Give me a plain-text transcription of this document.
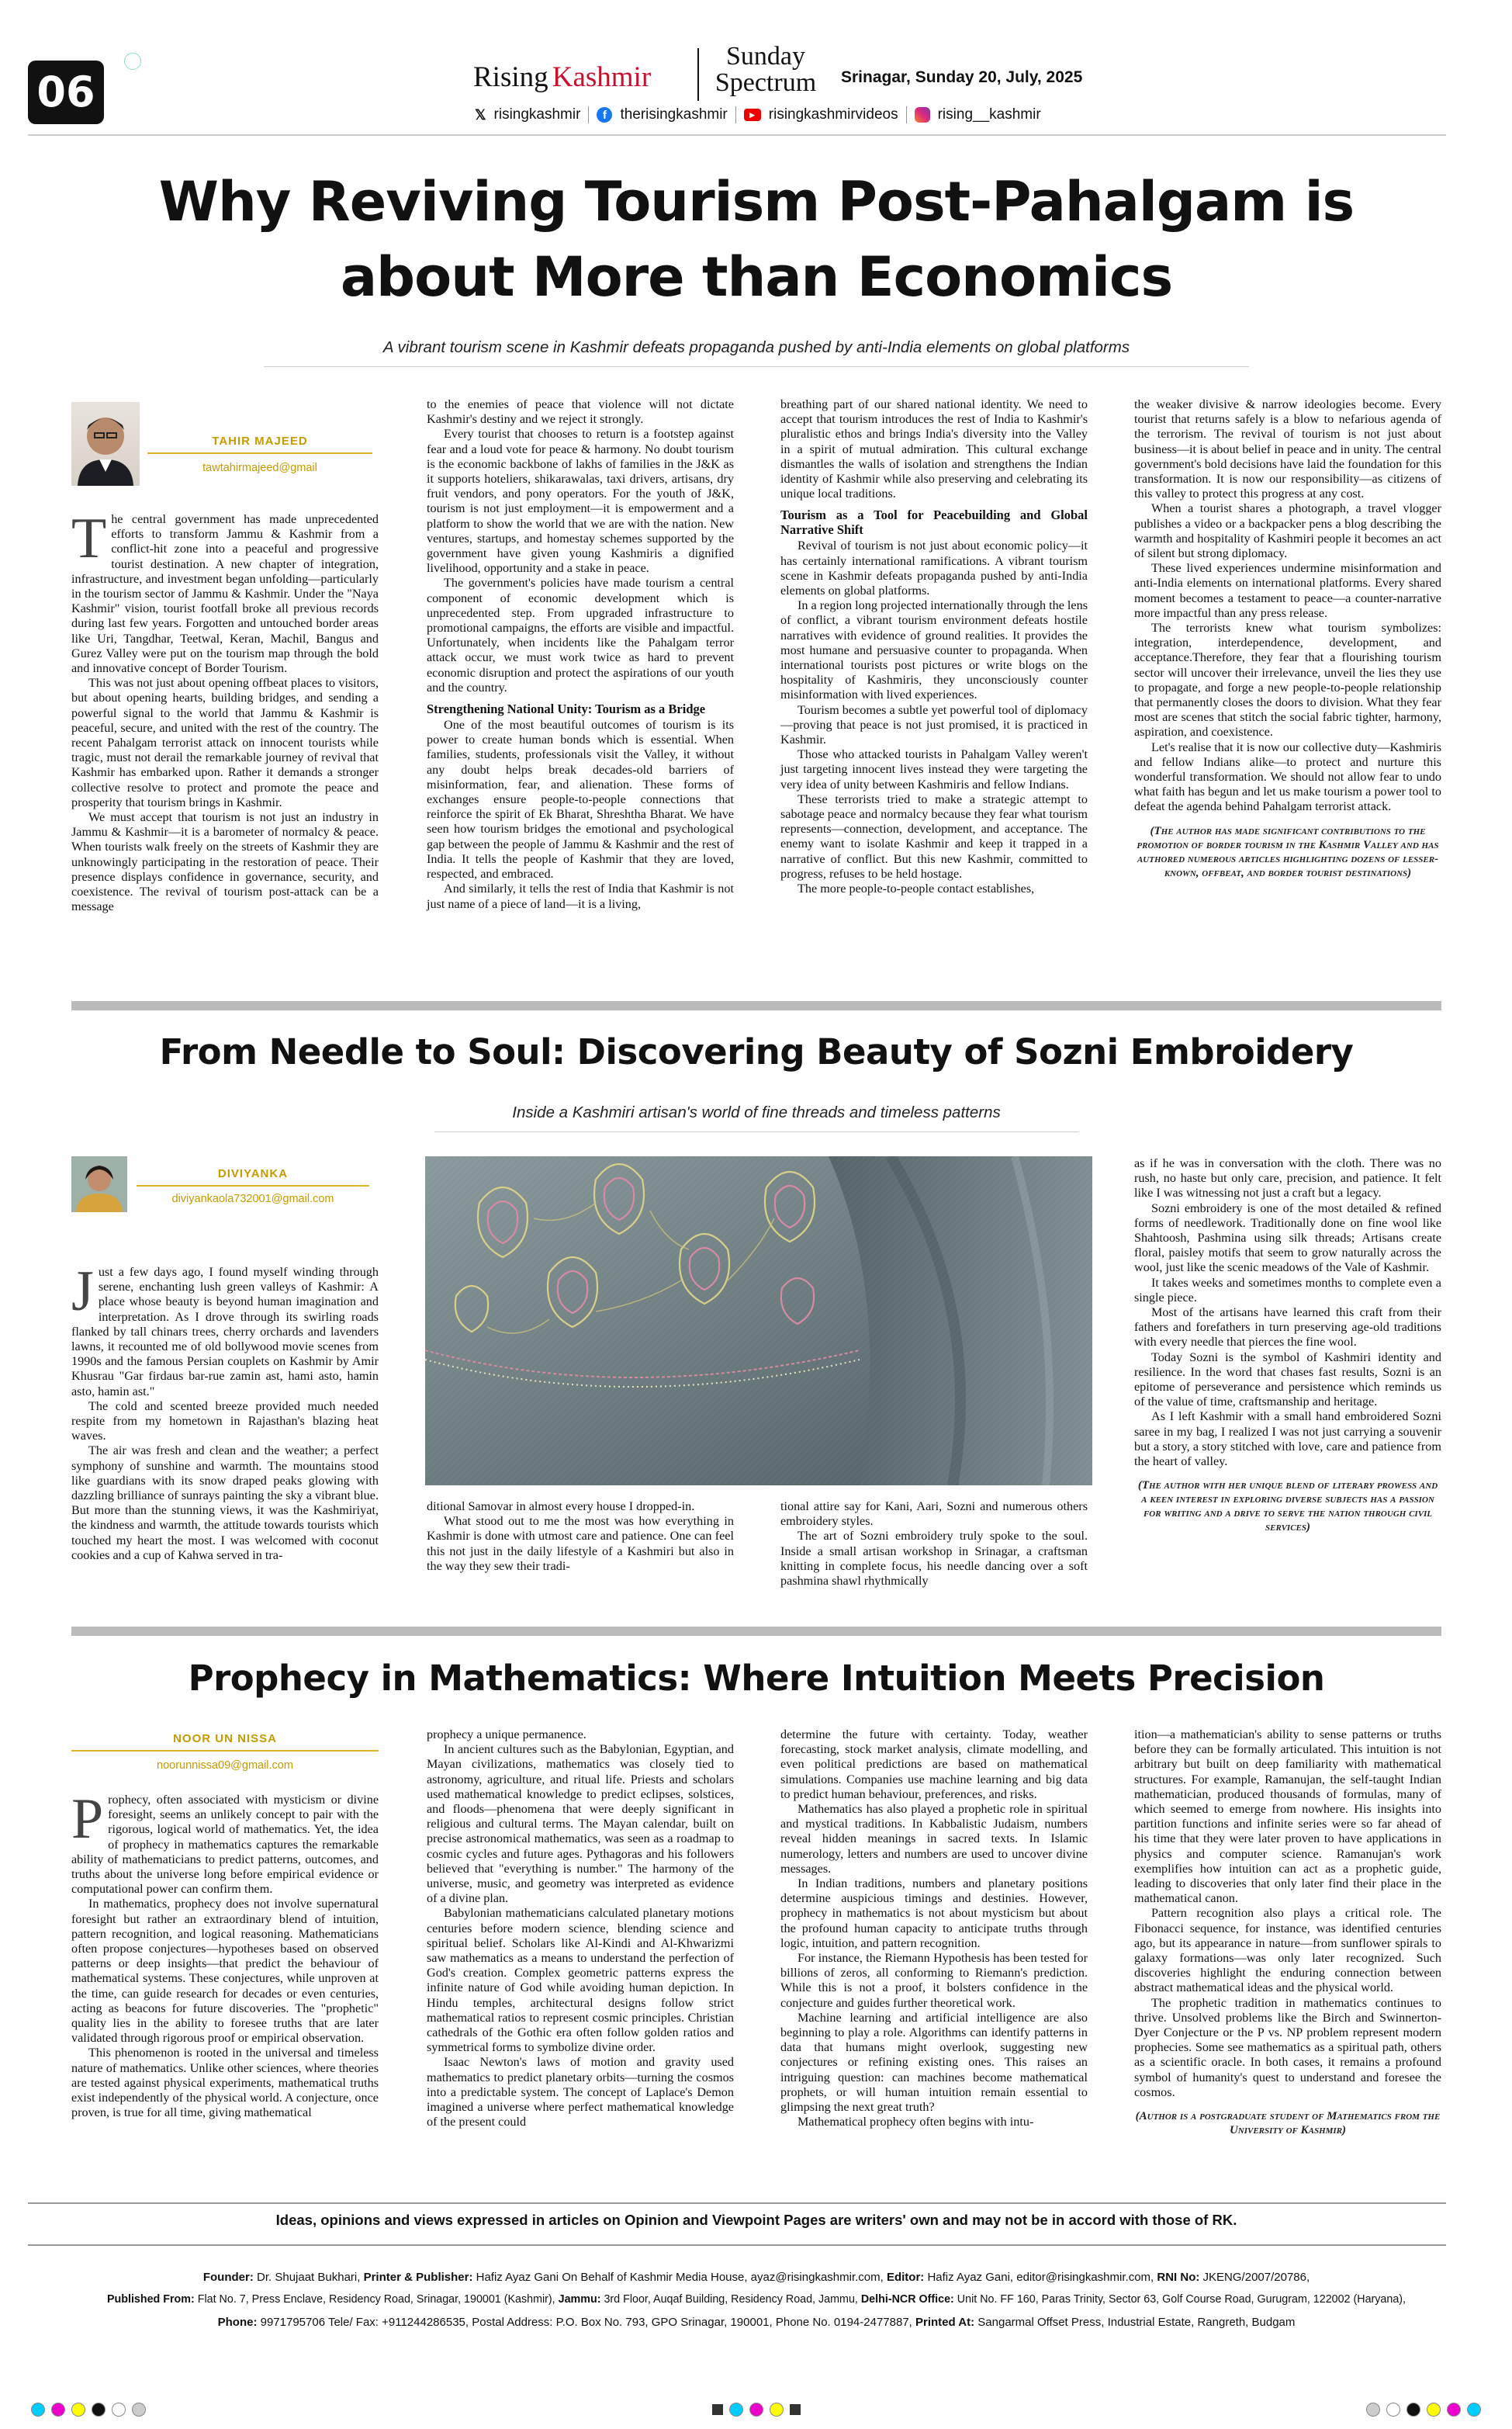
06	Rising Kashmir
Sunday
Spectrum	Srinagar, Sunday 20, July, 2025
𝕏 risingkashmir	f therisingkashmir	▶ risingkashmirvideos	rising__kashmir
Why Reviving Tourism Post-Pahalgam is
about More than Economics
A vibrant tourism scene in Kashmir defeats propaganda pushed by anti-India elements on global platforms
TAHIR MAJEED
tawtahirmajeed@gmail

The central government has made unprecedented efforts to transform Jammu & Kashmir from a conflict-hit zone into a peaceful and progressive tourist destination. A new chapter of integration, infrastructure, and investment began unfolding—particularly in the tourism sector of Jammu & Kashmir. Under the "Naya Kashmir" vision, tourist footfall broke all previous records during last few years. Forgotten and untouched border areas like Uri, Tangdhar, Teetwal, Keran, Machil, Bangus and Gurez Valley were put on the tourism map through the bold and innovative concept of Border Tourism.

This was not just about opening offbeat places to visitors, but about opening hearts, building bridges, and sending a powerful signal to the world that Jammu & Kashmir is peaceful, secure, and united with the rest of the country. The recent Pahalgam terrorist attack on innocent tourists while tragic, must not derail the remarkable journey of revival that Kashmir has embarked upon. Rather it demands a stronger collective resolve to protect and promote the peace and prosperity that tourism brings in Kashmir.

We must accept that tourism is not just an industry in Jammu & Kashmir—it is a barometer of normalcy & peace. When tourists walk freely on the streets of Kashmir they are unknowingly participating in the restoration of peace. Their presence displays confidence in governance, security, and coexistence. The revival of tourism post-attack can be a message

to the enemies of peace that violence will not dictate Kashmir's destiny and we reject it strongly.

Every tourist that chooses to return is a footstep against fear and a loud vote for peace & harmony. No doubt tourism is the economic backbone of lakhs of families in the J&K as it supports hoteliers, shikarawalas, taxi drivers, artisans, dry fruit vendors, and pony operators. For the youth of J&K, tourism is not just employment—it is empowerment and a platform to show the world that we are with the nation. New ventures, startups, and homestay schemes supported by the government have given young Kashmiris a dignified livelihood, opportunity and a stake in peace.

The government's policies have made tourism a central component of economic development which is unprecedented step. From upgraded infrastructure to promotional campaigns, the efforts are visible and impactful. Unfortunately, when incidents like the Pahalgam terror attack occur, we must work twice as hard to prevent economic disruption and protect the aspirations of our youth and the country.

Strengthening National Unity: Tourism as a Bridge

One of the most beautiful outcomes of tourism is its power to create human bonds which is essential. When families, students, professionals visit the Valley, it without any doubt helps break decades-old barriers of misinformation, fear, and alienation. These forms of exchanges ensure people-to-people connections that reinforce the spirit of Ek Bharat, Shreshtha Bharat. We have seen how tourism bridges the emotional and psychological gap between the people of Jammu & Kashmir and the rest of India. It tells the people of Kashmir that they are loved, respected, and embraced.

And similarly, it tells the rest of India that Kashmir is not just name of a piece of land—it is a living,

breathing part of our shared national identity. We need to accept that tourism introduces the rest of India to Kashmir's pluralistic ethos and brings India's diversity into the Valley in a spirit of mutual admiration. This cultural exchange dismantles the walls of isolation and strengthens the Indian identity of Kashmir while also preserving and celebrating its unique local traditions.

Tourism as a Tool for Peacebuilding and Global Narrative Shift

Revival of tourism is not just about economic policy—it has certainly international ramifications. A vibrant tourism scene in Kashmir defeats propaganda pushed by anti-India elements on global platforms.

In a region long projected internationally through the lens of conflict, a vibrant tourism environment defeats hostile narratives with evidence of ground realities. It provides the most humane and persuasive counter to propaganda. When international tourists post pictures or write blogs on the hospitality of Kashmiris, they unconsciously counter misinformation with lived experiences.

Tourism becomes a subtle yet powerful tool of diplomacy—proving that peace is not just promised, it is practiced in Kashmir.

Those who attacked tourists in Pahalgam Valley weren't just targeting innocent lives instead they were targeting the very idea of unity between Kashmiris and fellow Indians.

These terrorists tried to make a strategic attempt to sabotage peace and normalcy because they fear what tourism represents—connection, development, and acceptance. The enemy want to isolate Kashmir and keep it trapped in a narrative of conflict. But this new Kashmir, committed to progress, refuses to be held hostage.

The more people-to-people contact establishes,

the weaker divisive & narrow ideologies become. Every tourist that returns safely is a blow to nefarious agenda of the terrorism. The revival of tourism is not just about business—it is about belief in peace and in unity. The central government's bold decisions have laid the foundation for this transformation. It is now our responsibility—as citizens of this valley to protect this progress at any cost.

When a tourist shares a photograph, a travel vlogger publishes a video or a backpacker pens a blog describing the warmth and hospitality of Kashmiri people it becomes an act of silent but strong diplomacy.

These lived experiences undermine misinformation and anti-India elements on international platforms. Every shared moment becomes a testament to peace—a counter-narrative more impactful than any press release.

The terrorists knew what tourism symbolizes: integration, interdependence, development, and acceptance.Therefore, they fear that a flourishing tourism sector will uncover their irrelevance, unveil the lies they use to propagate, and forge a new people-to-people relationship that permanently closes the doors to division. What they fear most are scenes that stitch the social fabric tighter, harmony, aspiration, and coexistence.

Let's realise that it is now our collective duty—Kashmiris and fellow Indians alike—to protect and nurture this wonderful transformation. We should not allow fear to undo what faith has begun and let us make tourism a power tool to defeat the agenda behind Pahalgam terrorist attack.

(The author has made significant contributions to the promotion of border tourism in the Kashmir Valley and has authored numerous articles highlighting dozens of lesser-known, offbeat, and border tourist destinations)
From Needle to Soul: Discovering Beauty of Sozni Embroidery
Inside a Kashmiri artisan's world of fine threads and timeless patterns
DIVIYANKA
diviyankaola732001@gmail.com

Just a few days ago, I found myself winding through serene, enchanting lush green valleys of Kashmir: A place whose beauty is beyond human imagination and interpretation. As I drove through its swirling roads flanked by tall chinars trees, cherry orchards and lavenders lawns, it recounted me of old bollywood movie scenes from 1990s and the famous Persian couplets on Kashmir by Amir Khusrau "Gar firdaus bar-rue zamin ast, hami asto, hamin asto, hamin ast."

The cold and scented breeze provided much needed respite from my hometown in Rajasthan's blazing heat waves.

The air was fresh and clean and the weather; a perfect symphony of sunshine and warmth. The mountains stood like guardians with its snow draped peaks glowing with dazzling brilliance of sunrays painting the sky a vibrant blue. But more than the stunning views, it was the Kashmiriyat, the kindness and warmth, the attitude towards tourists which touched my heart the most. I was welcomed with coconut cookies and a cup of Kahwa served in tra-

ditional Samovar in almost every house I dropped-in.

What stood out to me the most was how everything in Kashmir is done with utmost care and patience. One can feel this not just in the daily lifestyle of a Kashmiri but also in the way they sew their tradi-

tional attire say for Kani, Aari, Sozni and numerous others embroidery styles.

The art of Sozni embroidery truly spoke to the soul. Inside a small artisan workshop in Srinagar, a craftsman knitting in complete focus, his needle dancing over a soft pashmina shawl rhythmically

as if he was in conversation with the cloth. There was no rush, no haste but only care, precision, and patience. It felt like I was witnessing not just a craft but a legacy.

Sozni embroidery is one of the most detailed & refined forms of needlework. Traditionally done on fine wool like Shahtoosh, Pashmina using silk threads; Artisans create floral, paisley motifs that seem to grow naturally across the wool, just like the scenic meadows of the Vale of Kashmir.

It takes weeks and sometimes months to complete even a single piece.

Most of the artisans have learned this craft from their fathers and forefathers in turn preserving age-old traditions with every needle that pierces the fine wool.

Today Sozni is the symbol of Kashmiri identity and resilience. In the word that chases fast results, Sozni is an epitome of perseverance and persistence which reminds us of the value of time, craftsmanship and heritage.

As I left Kashmir with a small hand embroidered Sozni saree in my bag, I realized I was not just carrying a souvenir but a story, a story stitched with love, care and patience from the heart of valley.

(The author with her unique blend of literary prowess and a keen interest in exploring diverse subjects has a passion for writing and a drive to serve the nation through civil services)
Prophecy in Mathematics: Where Intuition Meets Precision
NOOR UN NISSA
noorunnissa09@gmail.com

Prophecy, often associated with mysticism or divine foresight, seems an unlikely concept to pair with the rigorous, logical world of mathematics. Yet, the idea of prophecy in mathematics captures the remarkable ability of mathematicians to predict patterns, outcomes, and truths about the universe long before empirical evidence or computational power can confirm them.

In mathematics, prophecy does not involve supernatural foresight but rather an extraordinary blend of intuition, pattern recognition, and logical reasoning. Mathematicians often propose conjectures—hypotheses based on observed patterns or deep insights—that predict the behaviour of mathematical systems. These conjectures, while unproven at the time, can guide research for decades or even centuries, acting as beacons for future discoveries. The "prophetic" quality lies in the ability to foresee truths that are later validated through rigorous proof or empirical observation.

This phenomenon is rooted in the universal and timeless nature of mathematics. Unlike other sciences, where theories are tested against physical experiments, mathematical truths exist independently of the physical world. A conjecture, once proven, is true for all time, giving mathematical

prophecy a unique permanence.

In ancient cultures such as the Babylonian, Egyptian, and Mayan civilizations, mathematics was closely tied to astronomy, agriculture, and ritual life. Priests and scholars used mathematical knowledge to predict eclipses, solstices, and floods—phenomena that were deeply significant in religious and cultural terms. The Mayan calendar, built on precise astronomical mathematics, was seen as a roadmap to cosmic cycles and future ages. Pythagoras and his followers believed that "everything is number." The harmony of the universe, music, and geometry was interpreted as evidence of a divine plan.

Babylonian mathematicians calculated planetary motions centuries before modern science, blending science and spiritual belief. Scholars like Al-Kindi and Al-Khwarizmi saw mathematics as a means to understand the perfection of God's creation. Complex geometric patterns express the infinite nature of God while avoiding human depiction. In Hindu temples, architectural designs follow strict mathematical ratios to represent cosmic principles. Christian cathedrals of the Gothic era often follow golden ratios and symmetrical forms to symbolize divine order.

Isaac Newton's laws of motion and gravity used mathematics to predict planetary orbits—turning the cosmos into a predictable system. The concept of Laplace's Demon imagined a universe where perfect mathematical knowledge of the present could

determine the future with certainty. Today, weather forecasting, stock market analysis, climate modelling, and even political predictions are based on mathematical simulations. Companies use machine learning and big data to predict human behaviour, preferences, and risks.

Mathematics has also played a prophetic role in spiritual and mystical traditions. In Kabbalistic Judaism, numbers reveal hidden meanings in sacred texts. In Islamic numerology, letters and numbers are used to uncover divine messages.

In Indian traditions, numbers and planetary positions determine auspicious timings and destinies. However, prophecy in mathematics is not about mysticism but about the profound human capacity to anticipate truths through logic, intuition, and pattern recognition.

For instance, the Riemann Hypothesis has been tested for billions of zeros, all conforming to Riemann's prediction. While this is not a proof, it bolsters confidence in the conjecture and guides further theoretical work.

Machine learning and artificial intelligence are also beginning to play a role. Algorithms can identify patterns in data that humans might overlook, suggesting new conjectures or refining existing ones. This raises an intriguing question: can machines become mathematical prophets, or will human intuition remain essential to glimpsing the next great truth?

Mathematical prophecy often begins with intu-

ition—a mathematician's ability to sense patterns or truths before they can be formally articulated. This intuition is not arbitrary but built on deep familiarity with mathematical structures. For example, Ramanujan, the self-taught Indian mathematician, produced thousands of formulas, many of which seemed to emerge from nowhere. His insights into partition functions and infinite series were so far ahead of his time that they were later proven to have applications in physics and computer science. Ramanujan's work exemplifies how intuition can act as a prophetic guide, leading to discoveries that only later find their place in the mathematical canon.

Pattern recognition also plays a critical role. The Fibonacci sequence, for instance, was identified centuries ago, but its appearance in nature—from sunflower spirals to galaxy formations—was only later recognized. Such discoveries highlight the enduring connection between abstract mathematical ideas and the physical world.

The prophetic tradition in mathematics continues to thrive. Unsolved problems like the Birch and Swinnerton-Dyer Conjecture or the P vs. NP problem represent modern prophecies. Some see mathematics as a spiritual path, others as a scientific oracle. In both cases, it remains a profound symbol of humanity's quest to understand and foresee the cosmos.

(Author is a postgraduate student of Mathematics from the University of Kashmir)
Ideas, opinions and views expressed in articles on Opinion and Viewpoint Pages are writers' own and may not be in accord with those of RK.
Founder: Dr. Shujaat Bukhari, Printer & Publisher: Hafiz Ayaz Gani On Behalf of Kashmir Media House, ayaz@risingkashmir.com, Editor: Hafiz Ayaz Gani, editor@risingkashmir.com, RNI No: JKENG/2007/20786,
Published From: Flat No. 7, Press Enclave, Residency Road, Srinagar, 190001 (Kashmir), Jammu: 3rd Floor, Auqaf Building, Residency Road, Jammu, Delhi-NCR Office: Unit No. FF 160, Paras Trinity, Sector 63, Golf Course Road, Gurugram, 122002 (Haryana),
Phone: 9971795706 Tele/ Fax: +911244286535, Postal Address: P.O. Box No. 793, GPO Srinagar, 190001, Phone No. 0194-2477887, Printed At: Sangarmal Offset Press, Industrial Estate, Rangreth, Budgam
